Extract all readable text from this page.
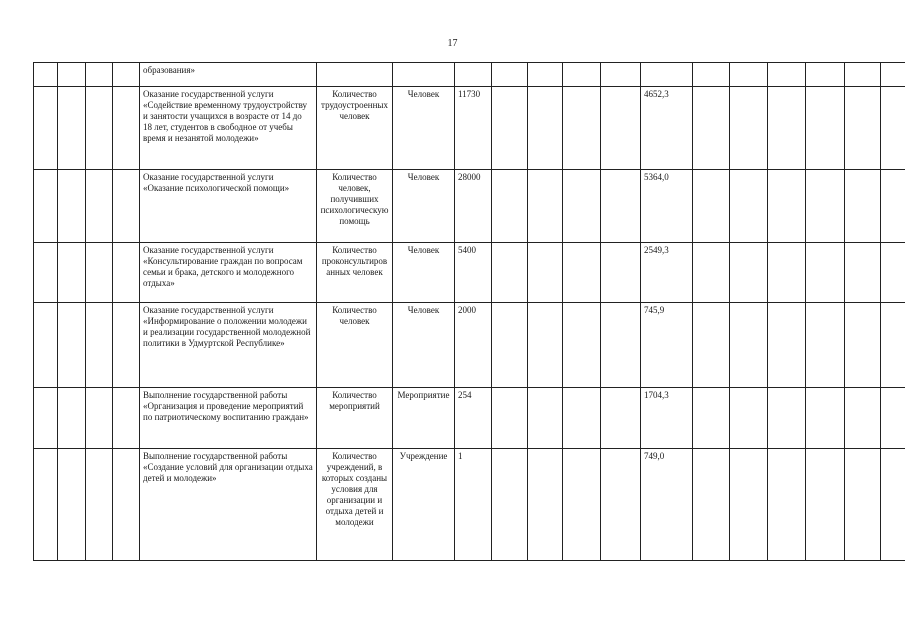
17
				образования»														
				Оказание государственной услуги «Содействие временному трудоустройству и занятости учащихся в возрасте от 14 до 18 лет, студентов в свободное от учебы время и незанятой молодежи»	Количество трудоустроенных человек	Человек	11730					4652,3						
				Оказание государственной услуги «Оказание психологической помощи»	Количество человек, получивших психологическую помощь	Человек	28000					5364,0						
				Оказание государственной услуги «Консультирование граждан по вопросам семьи и брака, детского и молодежного отдыха»	Количество проконсультированных человек	Человек	5400					2549,3						
				Оказание государственной услуги «Информирование о положении молодежи и реализации государственной молодежной политики в Удмуртской Республике»	Количество человек	Человек	2000					745,9						
				Выполнение государственной работы «Организация и проведение мероприятий по патриотическому воспитанию граждан»	Количество мероприятий	Мероприятие	254					1704,3						
				Выполнение государственной работы «Создание условий для организации отдыха детей и молодежи»	Количество учреждений, в которых созданы условия для организации и отдыха детей и молодежи	Учреждение	1					749,0						
